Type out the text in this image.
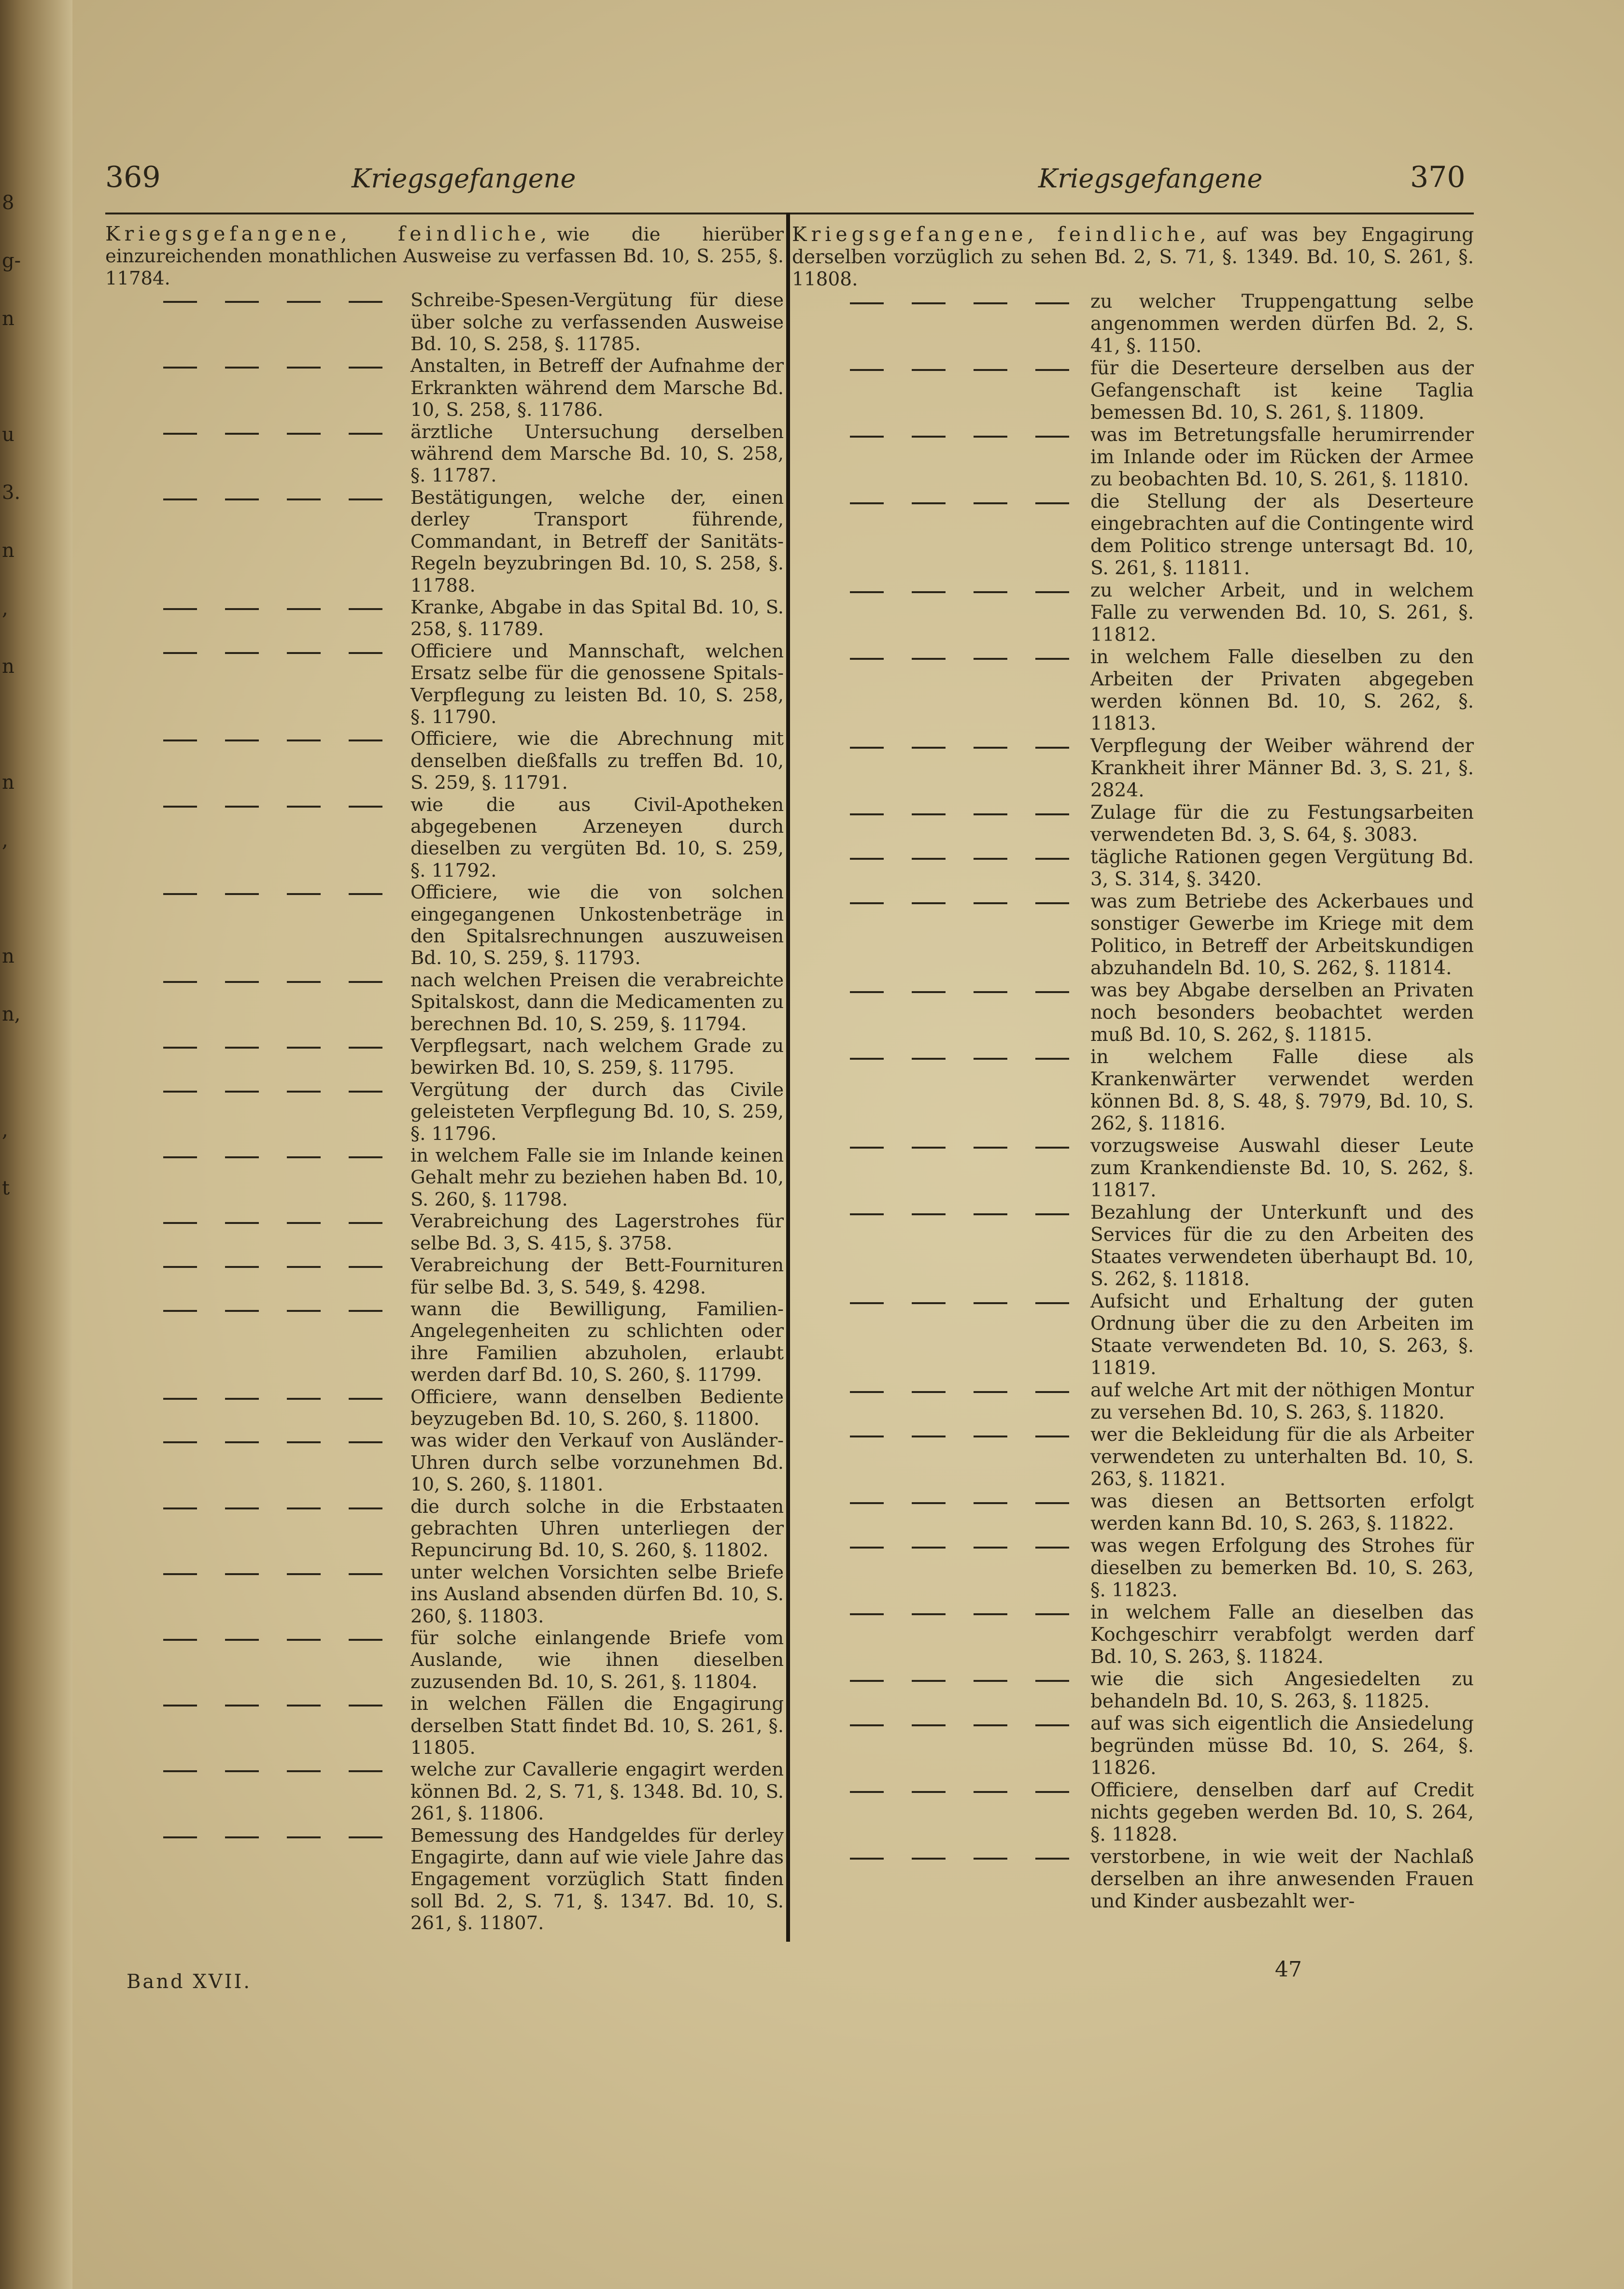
8
g-
n

u
3.
n
,
n

n
,

n
n,

,
t
369	Kriegsgefangene	Kriegsgefangene	370
Kriegsgefangene, feindliche, wie die hierüber einzureichenden monathlichen Ausweise zu verfassen Bd. 10, S. 255, §. 11784.
Schreibe-Spesen-Vergütung für diese über solche zu verfassenden Ausweise Bd. 10, S. 258, §. 11785.
Anstalten, in Betreff der Aufnahme der Erkrankten während dem Marsche Bd. 10, S. 258, §. 11786.
ärztliche Untersuchung derselben während dem Marsche Bd. 10, S. 258, §. 11787.
Bestätigungen, welche der, einen derley Transport führende, Commandant, in Betreff der Sanitäts-Regeln beyzubringen Bd. 10, S. 258, §. 11788.
Kranke, Abgabe in das Spital Bd. 10, S. 258, §. 11789.
Officiere und Mannschaft, welchen Ersatz selbe für die genossene Spitals-Verpflegung zu leisten Bd. 10, S. 258, §. 11790.
Officiere, wie die Abrechnung mit denselben dießfalls zu treffen Bd. 10, S. 259, §. 11791.
wie die aus Civil-Apotheken abgegebenen Arzeneyen durch dieselben zu vergüten Bd. 10, S. 259, §. 11792.
Officiere, wie die von solchen eingegangenen Unkostenbeträge in den Spitalsrechnungen auszuweisen Bd. 10, S. 259, §. 11793.
nach welchen Preisen die verabreichte Spitalskost, dann die Medicamenten zu berechnen Bd. 10, S. 259, §. 11794.
Verpflegsart, nach welchem Grade zu bewirken Bd. 10, S. 259, §. 11795.
Vergütung der durch das Civile geleisteten Verpflegung Bd. 10, S. 259, §. 11796.
in welchem Falle sie im Inlande keinen Gehalt mehr zu beziehen haben Bd. 10, S. 260, §. 11798.
Verabreichung des Lagerstrohes für selbe Bd. 3, S. 415, §. 3758.
Verabreichung der Bett-Fournituren für selbe Bd. 3, S. 549, §. 4298.
wann die Bewilligung, Familien-Angelegenheiten zu schlichten oder ihre Familien abzuholen, erlaubt werden darf Bd. 10, S. 260, §. 11799.
Officiere, wann denselben Bediente beyzugeben Bd. 10, S. 260, §. 11800.
was wider den Verkauf von Ausländer-Uhren durch selbe vorzunehmen Bd. 10, S. 260, §. 11801.
die durch solche in die Erbstaaten gebrachten Uhren unterliegen der Repuncirung Bd. 10, S. 260, §. 11802.
unter welchen Vorsichten selbe Briefe ins Ausland absenden dürfen Bd. 10, S. 260, §. 11803.
für solche einlangende Briefe vom Auslande, wie ihnen dieselben zuzusenden Bd. 10, S. 261, §. 11804.
in welchen Fällen die Engagirung derselben Statt findet Bd. 10, S. 261, §. 11805.
welche zur Cavallerie engagirt werden können Bd. 2, S. 71, §. 1348. Bd. 10, S. 261, §. 11806.
Bemessung des Handgeldes für derley Engagirte, dann auf wie viele Jahre das Engagement vorzüglich Statt finden soll Bd. 2, S. 71, §. 1347. Bd. 10, S. 261, §. 11807.
Kriegsgefangene, feindliche, auf was bey Engagirung derselben vorzüglich zu sehen Bd. 2, S. 71, §. 1349. Bd. 10, S. 261, §. 11808.
zu welcher Truppengattung selbe angenommen werden dürfen Bd. 2, S. 41, §. 1150.
für die Deserteure derselben aus der Gefangenschaft ist keine Taglia bemessen Bd. 10, S. 261, §. 11809.
was im Betretungsfalle herumirrender im Inlande oder im Rücken der Armee zu beobachten Bd. 10, S. 261, §. 11810.
die Stellung der als Deserteure eingebrachten auf die Contingente wird dem Politico strenge untersagt Bd. 10, S. 261, §. 11811.
zu welcher Arbeit, und in welchem Falle zu verwenden Bd. 10, S. 261, §. 11812.
in welchem Falle dieselben zu den Arbeiten der Privaten abgegeben werden können Bd. 10, S. 262, §. 11813.
Verpflegung der Weiber während der Krankheit ihrer Männer Bd. 3, S. 21, §. 2824.
Zulage für die zu Festungsarbeiten verwendeten Bd. 3, S. 64, §. 3083.
tägliche Rationen gegen Vergütung Bd. 3, S. 314, §. 3420.
was zum Betriebe des Ackerbaues und sonstiger Gewerbe im Kriege mit dem Politico, in Betreff der Arbeitskundigen abzuhandeln Bd. 10, S. 262, §. 11814.
was bey Abgabe derselben an Privaten noch besonders beobachtet werden muß Bd. 10, S. 262, §. 11815.
in welchem Falle diese als Krankenwärter verwendet werden können Bd. 8, S. 48, §. 7979, Bd. 10, S. 262, §. 11816.
vorzugsweise Auswahl dieser Leute zum Krankendienste Bd. 10, S. 262, §. 11817.
Bezahlung der Unterkunft und des Services für die zu den Arbeiten des Staates verwendeten überhaupt Bd. 10, S. 262, §. 11818.
Aufsicht und Erhaltung der guten Ordnung über die zu den Arbeiten im Staate verwendeten Bd. 10, S. 263, §. 11819.
auf welche Art mit der nöthigen Montur zu versehen Bd. 10, S. 263, §. 11820.
wer die Bekleidung für die als Arbeiter verwendeten zu unterhalten Bd. 10, S. 263, §. 11821.
was diesen an Bettsorten erfolgt werden kann Bd. 10, S. 263, §. 11822.
was wegen Erfolgung des Strohes für dieselben zu bemerken Bd. 10, S. 263, §. 11823.
in welchem Falle an dieselben das Kochgeschirr verabfolgt werden darf Bd. 10, S. 263, §. 11824.
wie die sich Angesiedelten zu behandeln Bd. 10, S. 263, §. 11825.
auf was sich eigentlich die Ansiedelung begründen müsse Bd. 10, S. 264, §. 11826.
Officiere, denselben darf auf Credit nichts gegeben werden Bd. 10, S. 264, §. 11828.
verstorbene, in wie weit der Nachlaß derselben an ihre anwesenden Frauen und Kinder ausbezahlt wer-
Band XVII.	47
